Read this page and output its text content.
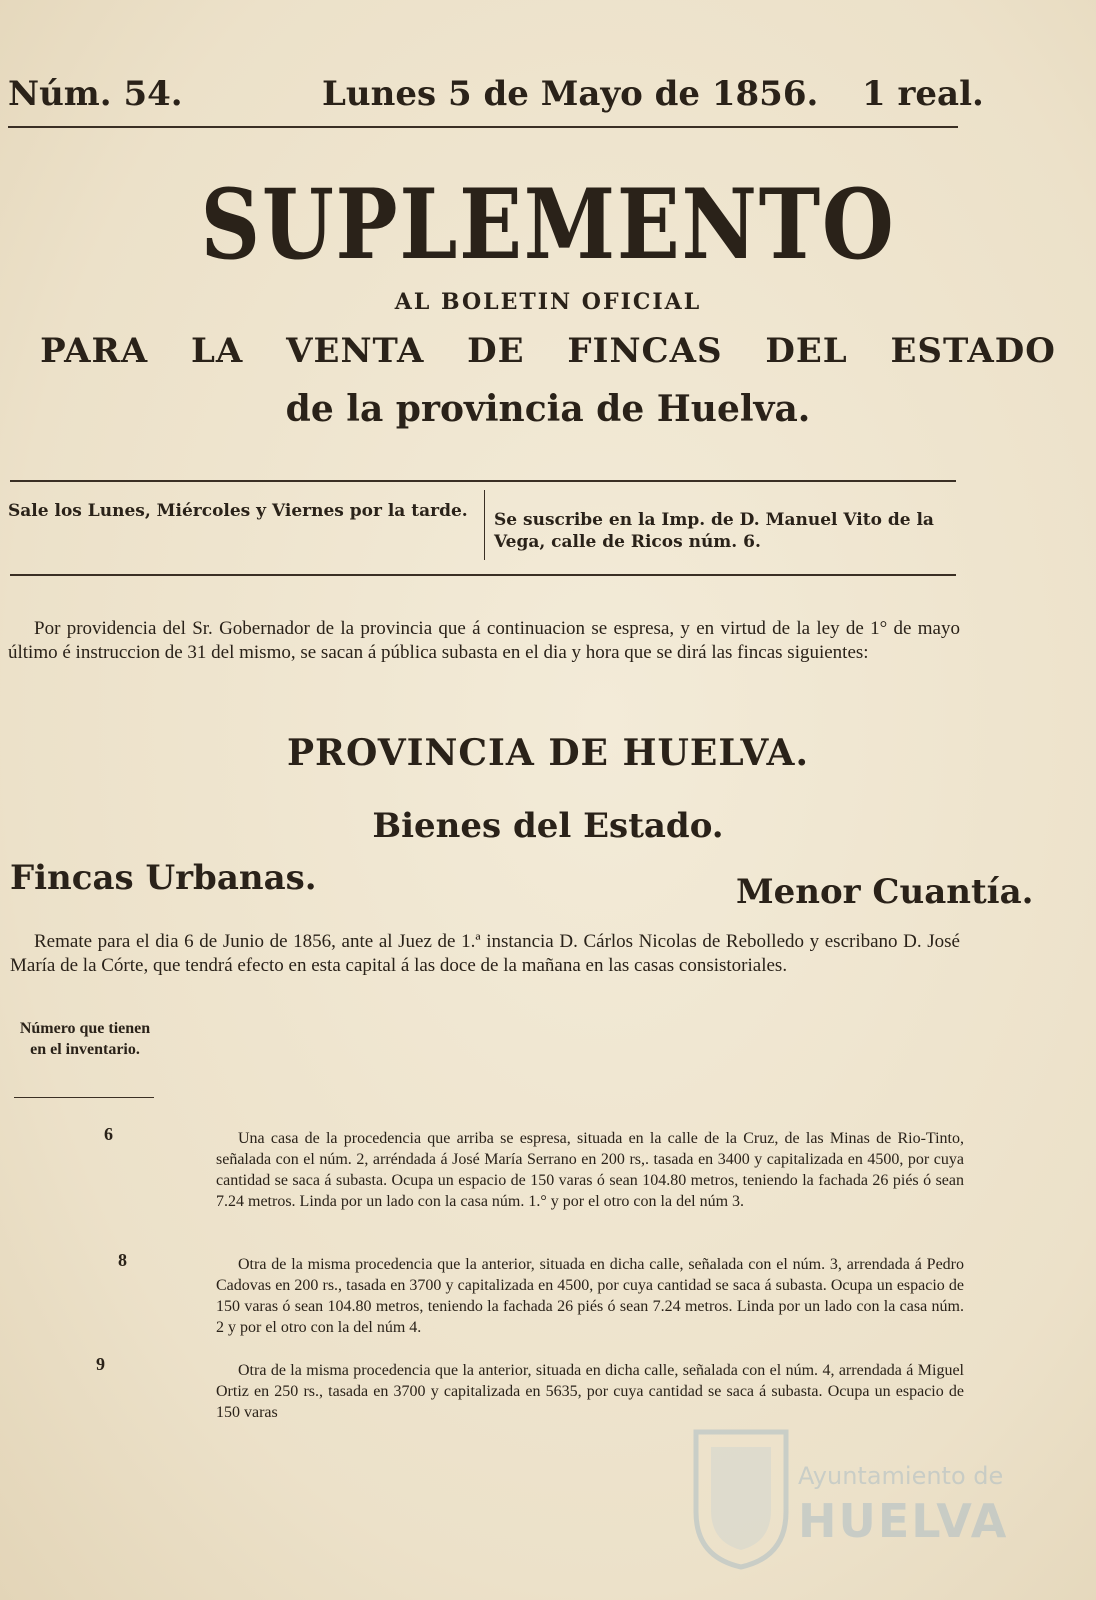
Núm. 54.	Lunes 5 de Mayo de 1856. 1 real.
SUPLEMENTO
AL BOLETIN OFICIAL
PARA LA VENTA DE FINCAS DEL ESTADO
de la provincia de Huelva.
Sale los Lunes, Miércoles y Viernes por la tarde.	Se suscribe en la Imp. de D. Manuel Vito de la Vega, calle de Ricos núm. 6.
Por providencia del Sr. Gobernador de la provincia que á continuacion se espresa, y en virtud de la ley de 1° de mayo último é instruccion de 31 del mismo, se sacan á pública subasta en el dia y hora que se dirá las fincas siguientes:
PROVINCIA DE HUELVA.
Bienes del Estado.
Fincas Urbanas.	Menor Cuantía.
Remate para el dia 6 de Junio de 1856, ante al Juez de 1.ª instancia D. Cárlos Nicolas de Rebolledo y escribano D. José María de la Córte, que tendrá efecto en esta capital á las doce de la mañana en las casas consistoriales.
Número que tienen en el inventario.
6	Una casa de la procedencia que arriba se espresa, situada en la calle de la Cruz, de las Minas de Rio-Tinto, señalada con el núm. 2, arréndada á José María Serrano en 200 rs,. tasada en 3400 y capitalizada en 4500, por cuya cantidad se saca á subasta. Ocupa un espacio de 150 varas ó sean 104.80 metros, teniendo la fachada 26 piés ó sean 7.24 metros. Linda por un lado con la casa núm. 1.° y por el otro con la del núm 3.
8	Otra de la misma procedencia que la anterior, situada en dicha calle, señalada con el núm. 3, arrendada á Pedro Cadovas en 200 rs., tasada en 3700 y capitalizada en 4500, por cuya cantidad se saca á subasta. Ocupa un espacio de 150 varas ó sean 104.80 metros, teniendo la fachada 26 piés ó sean 7.24 metros. Linda por un lado con la casa núm. 2 y por el otro con la del núm 4.
9	Otra de la misma procedencia que la anterior, situada en dicha calle, señalada con el núm. 4, arrendada á Miguel Ortiz en 250 rs., tasada en 3700 y capitalizada en 5635, por cuya cantidad se saca á subasta. Ocupa un espacio de 150 varas
Ayuntamiento de
HUELVA
